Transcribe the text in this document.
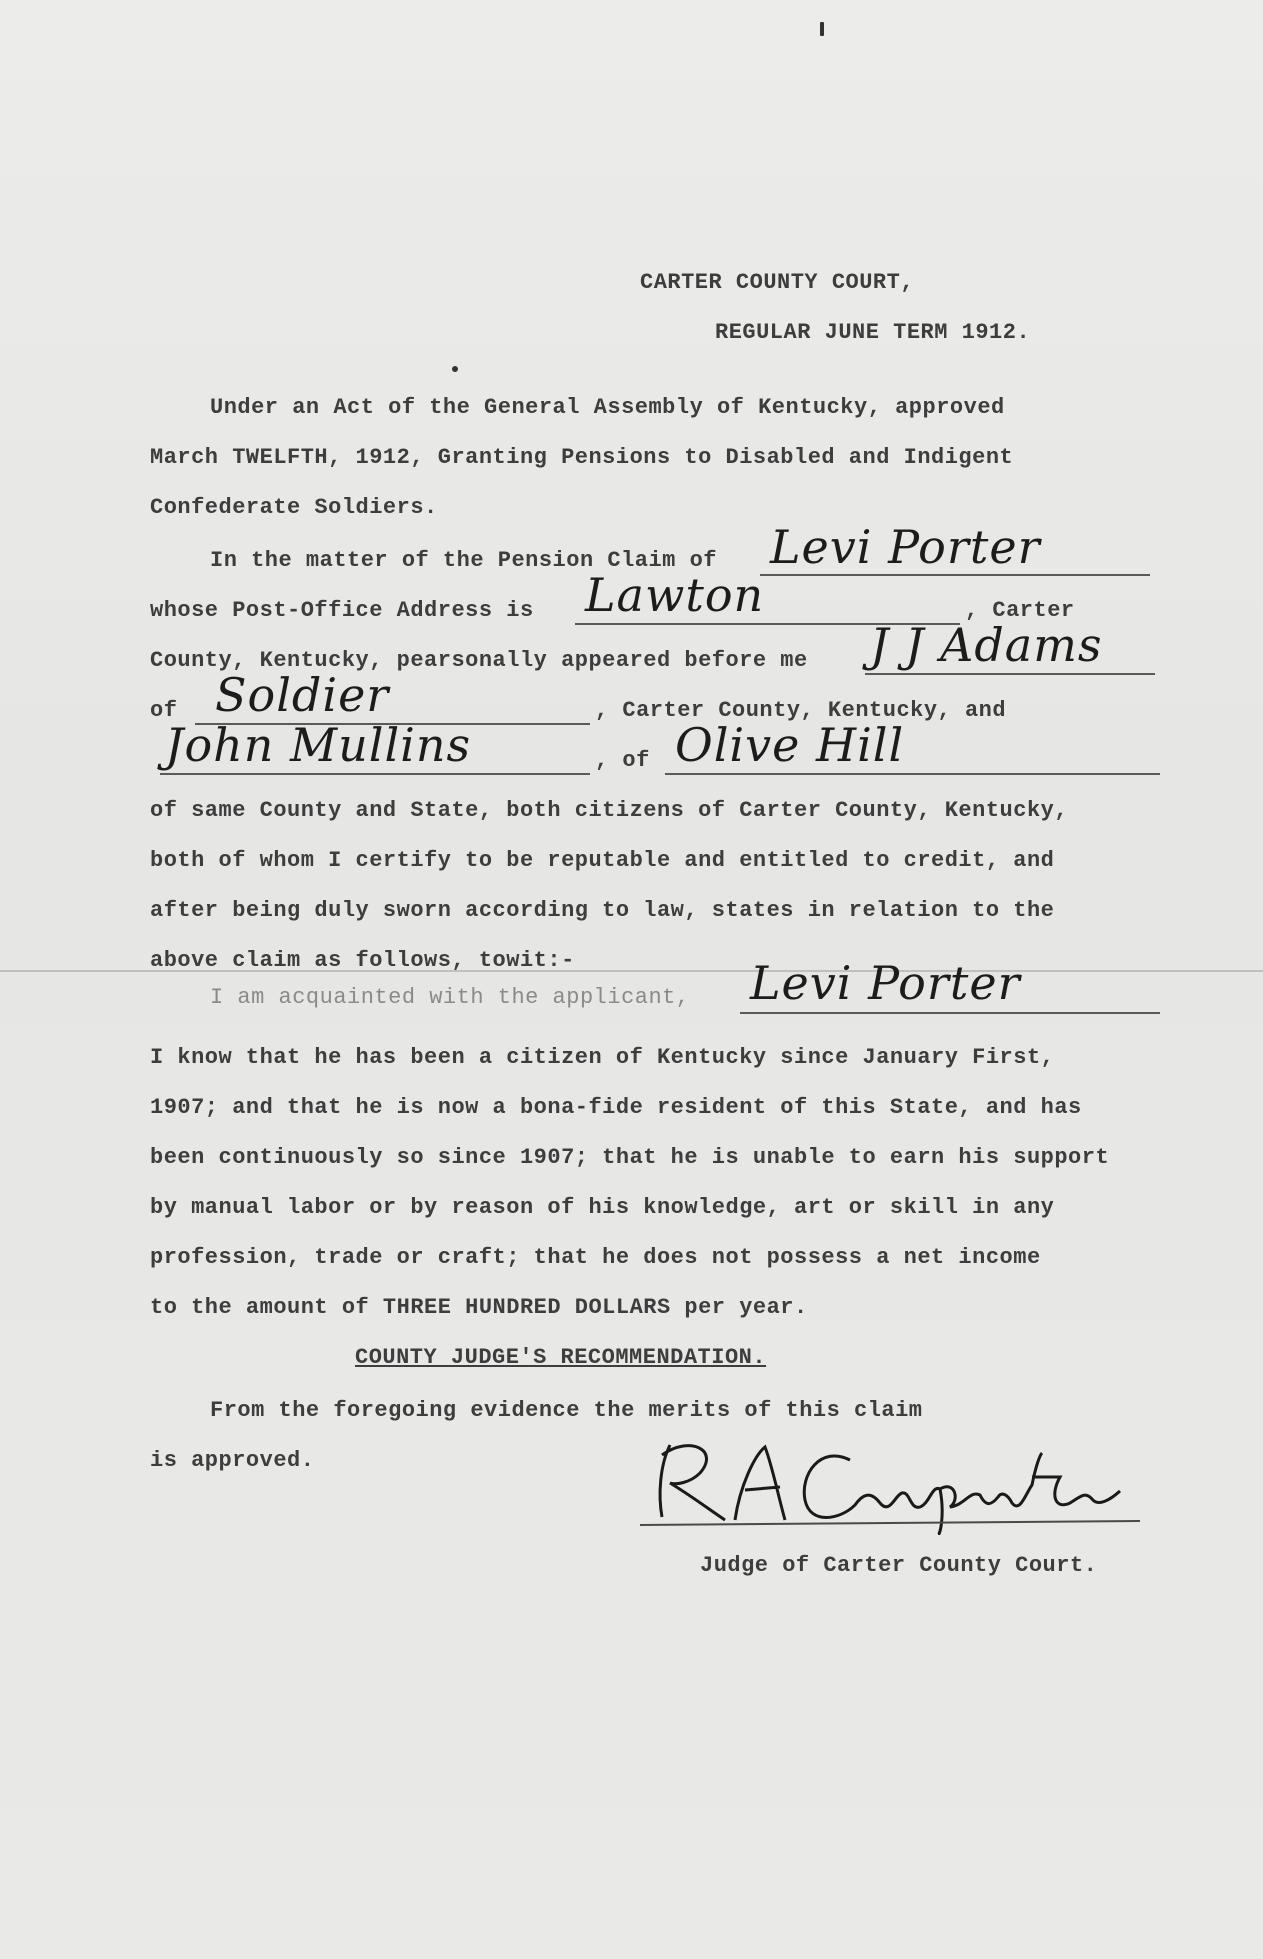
CARTER COUNTY COURT,
REGULAR JUNE TERM 1912.
Under an Act of the General Assembly of Kentucky, approved
March TWELFTH, 1912, Granting Pensions to Disabled and Indigent
Confederate Soldiers.
In the matter of the Pension Claim of Levi Porter
whose Post-Office Address is Lawton	, Carter
County, Kentucky, pearsonally appeared before me J J Adams
of Soldier	, Carter County, Kentucky, and
John Mullins	, of Olive Hill
of same County and State, both citizens of Carter County, Kentucky,
both of whom I certify to be reputable and entitled to credit, and
after being duly sworn according to law, states in relation to the
above claim as follows, towit:-
I am acquainted with the applicant, Levi Porter
I know that he has been a citizen of Kentucky since January First,
1907; and that he is now a bona-fide resident of this State, and has
been continuously so since 1907; that he is unable to earn his support
by manual labor or by reason of his knowledge, art or skill in any
profession, trade or craft; that he does not possess a net income
to the amount of THREE HUNDRED DOLLARS per year.
COUNTY JUDGE'S RECOMMENDATION.
From the foregoing evidence the merits of this claim
is approved.
Judge of Carter County Court.
